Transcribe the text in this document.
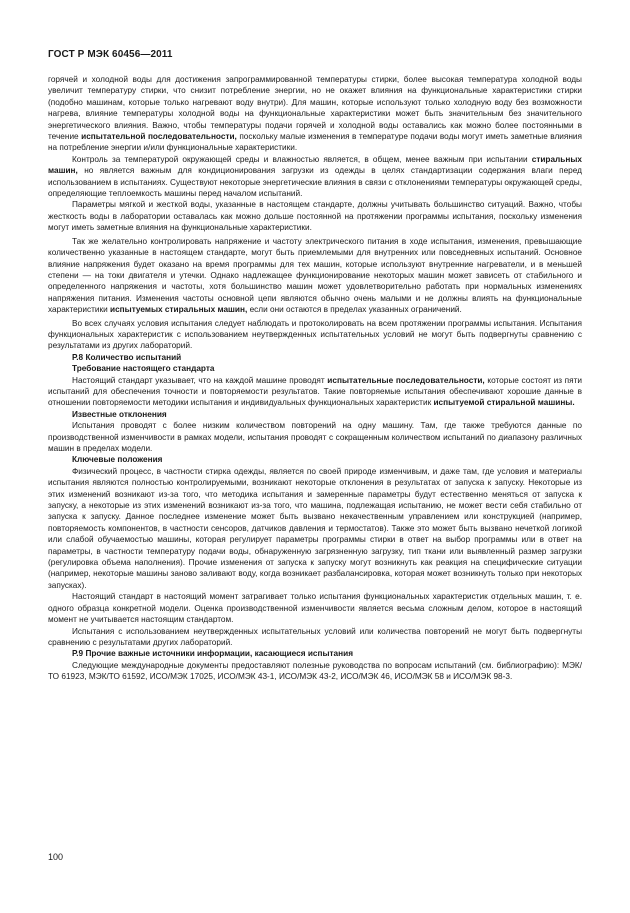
ГОСТ Р МЭК 60456—2011

горячей и холодной воды для достижения запрограммированной температуры стирки, более высокая температура холодной воды увеличит температуру стирки, что снизит потребление энергии, но не окажет влияния на функциональные характеристики стирки (подобно машинам, которые только нагревают воду внутри). Для машин, которые используют только холодную воду без возможности нагрева, влияние температуры холодной воды на функциональные характеристики может быть значительным без значительного энергетического влияния. Важно, чтобы температуры подачи горячей и холодной воды оставались как можно более постоянными в течение испытательной последовательности, поскольку малые изменения в температуре подачи воды могут иметь заметные влияния на потребление энергии и/или функциональные характеристики.

Контроль за температурой окружающей среды и влажностью является, в общем, менее важным при испытании стиральных машин, но является важным для кондиционирования загрузки из одежды в целях стандартизации содержания влаги перед использованием в испытаниях. Существуют некоторые энергетические влияния в связи с отклонениями температуры окружающей среды, определяющие теплоемкость машины перед началом испытаний.

Параметры мягкой и жесткой воды, указанные в настоящем стандарте, должны учитывать большинство ситуаций. Важно, чтобы жесткость воды в лаборатории оставалась как можно дольше постоянной на протяжении программы испытания, поскольку изменения могут иметь заметные влияния на функциональные характеристики.

Так же желательно контролировать напряжение и частоту электрического питания в ходе испытания, изменения, превышающие количественно указанные в настоящем стандарте, могут быть приемлемыми для внутренних или повседневных испытаний. Основное влияние напряжения будет оказано на время программы для тех машин, которые используют внутренние нагреватели, и в меньшей степени — на токи двигателя и утечки. Однако надлежащее функционирование некоторых машин может зависеть от стабильного и определенного напряжения и частоты, хотя большинство машин может удовлетворительно работать при нормальных изменениях напряжения питания. Изменения частоты основной цепи являются обычно очень малыми и не должны влиять на функциональные характеристики испытуемых стиральных машин, если они остаются в пределах указанных ограничений.

Во всех случаях условия испытания следует наблюдать и протоколировать на всем протяжении программы испытания. Испытания функциональных характеристик с использованием неутвержденных испытательных условий не могут быть подвергнуты сравнению с результатами из других лабораторий.

Р.8 Количество испытаний
Требование настоящего стандарта

Настоящий стандарт указывает, что на каждой машине проводят испытательные последовательности, которые состоят из пяти испытаний для обеспечения точности и повторяемости результатов. Такие повторяемые испытания обеспечивают хорошие данные в отношении повторяемости методики испытания и индивидуальных функциональных характеристик испытуемой стиральной машины.

Известные отклонения

Испытания проводят с более низким количеством повторений на одну машину. Там, где также требуются данные по производственной изменчивости в рамках модели, испытания проводят с сокращенным количеством испытаний по диапазону различных машин в пределах модели.

Ключевые положения

Физический процесс, в частности стирка одежды, является по своей природе изменчивым, и даже там, где условия и материалы испытания являются полностью контролируемыми, возникают некоторые отклонения в результатах от запуска к запуску. Некоторые из этих изменений возникают из-за того, что методика испытания и замеренные параметры будут естественно меняться от запуска к запуску, а некоторые из этих изменений возникают из-за того, что машина, подлежащая испытанию, не может вести себя стабильно от запуска к запуску. Данное последнее изменение может быть вызвано некачественным управлением или конструкцией (например, повторяемость компонентов, в частности сенсоров, датчиков давления и термостатов). Также это может быть вызвано нечеткой логикой или слабой обучаемостью машины, которая регулирует параметры программы стирки в ответ на выбор программы или в ответ на параметры, в частности температуру подачи воды, обнаруженную загрязненную загрузку, тип ткани или выявленный размер загрузки (регулировка объема наполнения). Прочие изменения от запуска к запуску могут возникнуть как реакция на специфические ситуации (например, некоторые машины заново заливают воду, когда возникает разбалансировка, которая может возникнуть только при некоторых запусках).

Настоящий стандарт в настоящий момент затрагивает только испытания функциональных характеристик отдельных машин, т. е. одного образца конкретной модели. Оценка производственной изменчивости является весьма сложным делом, которое в настоящий момент не учитывается настоящим стандартом.

Испытания с использованием неутвержденных испытательных условий или количества повторений не могут быть подвергнуты сравнению с результатами других лабораторий.

Р.9 Прочие важные источники информации, касающиеся испытания

Следующие международные документы предоставляют полезные руководства по вопросам испытаний (см. библиографию): МЭК/ТО 61923, МЭК/ТО 61592, ИСО/МЭК 17025, ИСО/МЭК 43-1, ИСО/МЭК 43-2, ИСО/МЭК 46, ИСО/МЭК 58 и ИСО/МЭК 98-3.

100
